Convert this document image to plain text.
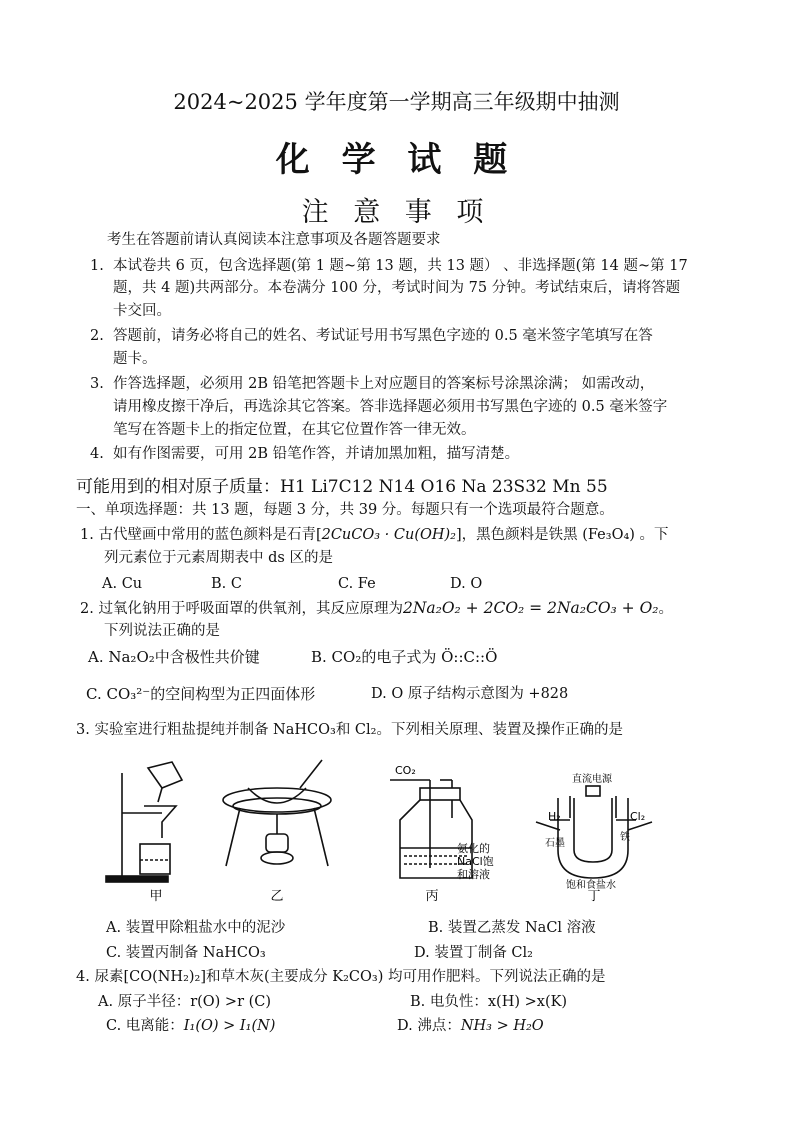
2024~2025 学年度第一学期高三年级期中抽测
化 学 试 题
注 意 事 项
考生在答题前请认真阅读本注意事项及各题答题要求
1. 本试卷共 6 页，包含选择题(第 1 题~第 13 题，共 13 题） 、非选择题(第 14 题~第 17
题，共 4 题)共两部分。本卷满分 100 分，考试时间为 75 分钟。考试结束后，请将答题
卡交回。
2. 答题前，请务必将自己的姓名、考试证号用书写黑色字迹的 0.5 毫米签字笔填写在答
题卡。
3. 作答选择题，必须用 2B 铅笔把答题卡上对应题目的答案标号涂黑涂满； 如需改动，
请用橡皮擦干净后，再选涂其它答案。答非选择题必须用书写黑色字迹的 0.5 毫米签字
笔写在答题卡上的指定位置，在其它位置作答一律无效。
4. 如有作图需要，可用 2B 铅笔作答，并请加黑加粗，描写清楚。
可能用到的相对原子质量：H1 Li7C12 N14 O16 Na 23S32 Mn 55
一、单项选择题：共 13 题，每题 3 分，共 39 分。每题只有一个选项最符合题意。
1. 古代壁画中常用的蓝色颜料是石青[2CuCO₃ · Cu(OH)₂]，黑色颜料是铁黑 (Fe₃O₄) 。下
列元素位于元素周期表中 ds 区的是
A. Cu	B. C	C. Fe	D. O
2. 过氧化钠用于呼吸面罩的供氧剂，其反应原理为2Na₂O₂ + 2CO₂ = 2Na₂CO₃ + O₂。
下列说法正确的是
A. Na₂O₂中含极性共价键	B. CO₂的电子式为 Ö::C::Ö
C. CO₃²⁻的空间构型为正四面体形	D. O 原子结构示意图为 +828
3. 实验室进行粗盐提纯并制备 NaHCO₃和 Cl₂。下列相关原理、装置及操作正确的是
甲	乙	丙	丁
CO₂
氨化的
NaCl饱
和溶液
直流电源
H₂	Cl₂
石墨
铁
饱和食盐水
A. 装置甲除粗盐水中的泥沙	B. 装置乙蒸发 NaCl 溶液
C. 装置丙制备 NaHCO₃	D. 装置丁制备 Cl₂
4. 尿素[CO(NH₂)₂]和草木灰(主要成分 K₂CO₃) 均可用作肥料。下列说法正确的是
A. 原子半径：r(O) >r (C)	B. 电负性：x(H) >x(K)
C. 电离能：I₁(O) > I₁(N)	D. 沸点：NH₃ > H₂O
